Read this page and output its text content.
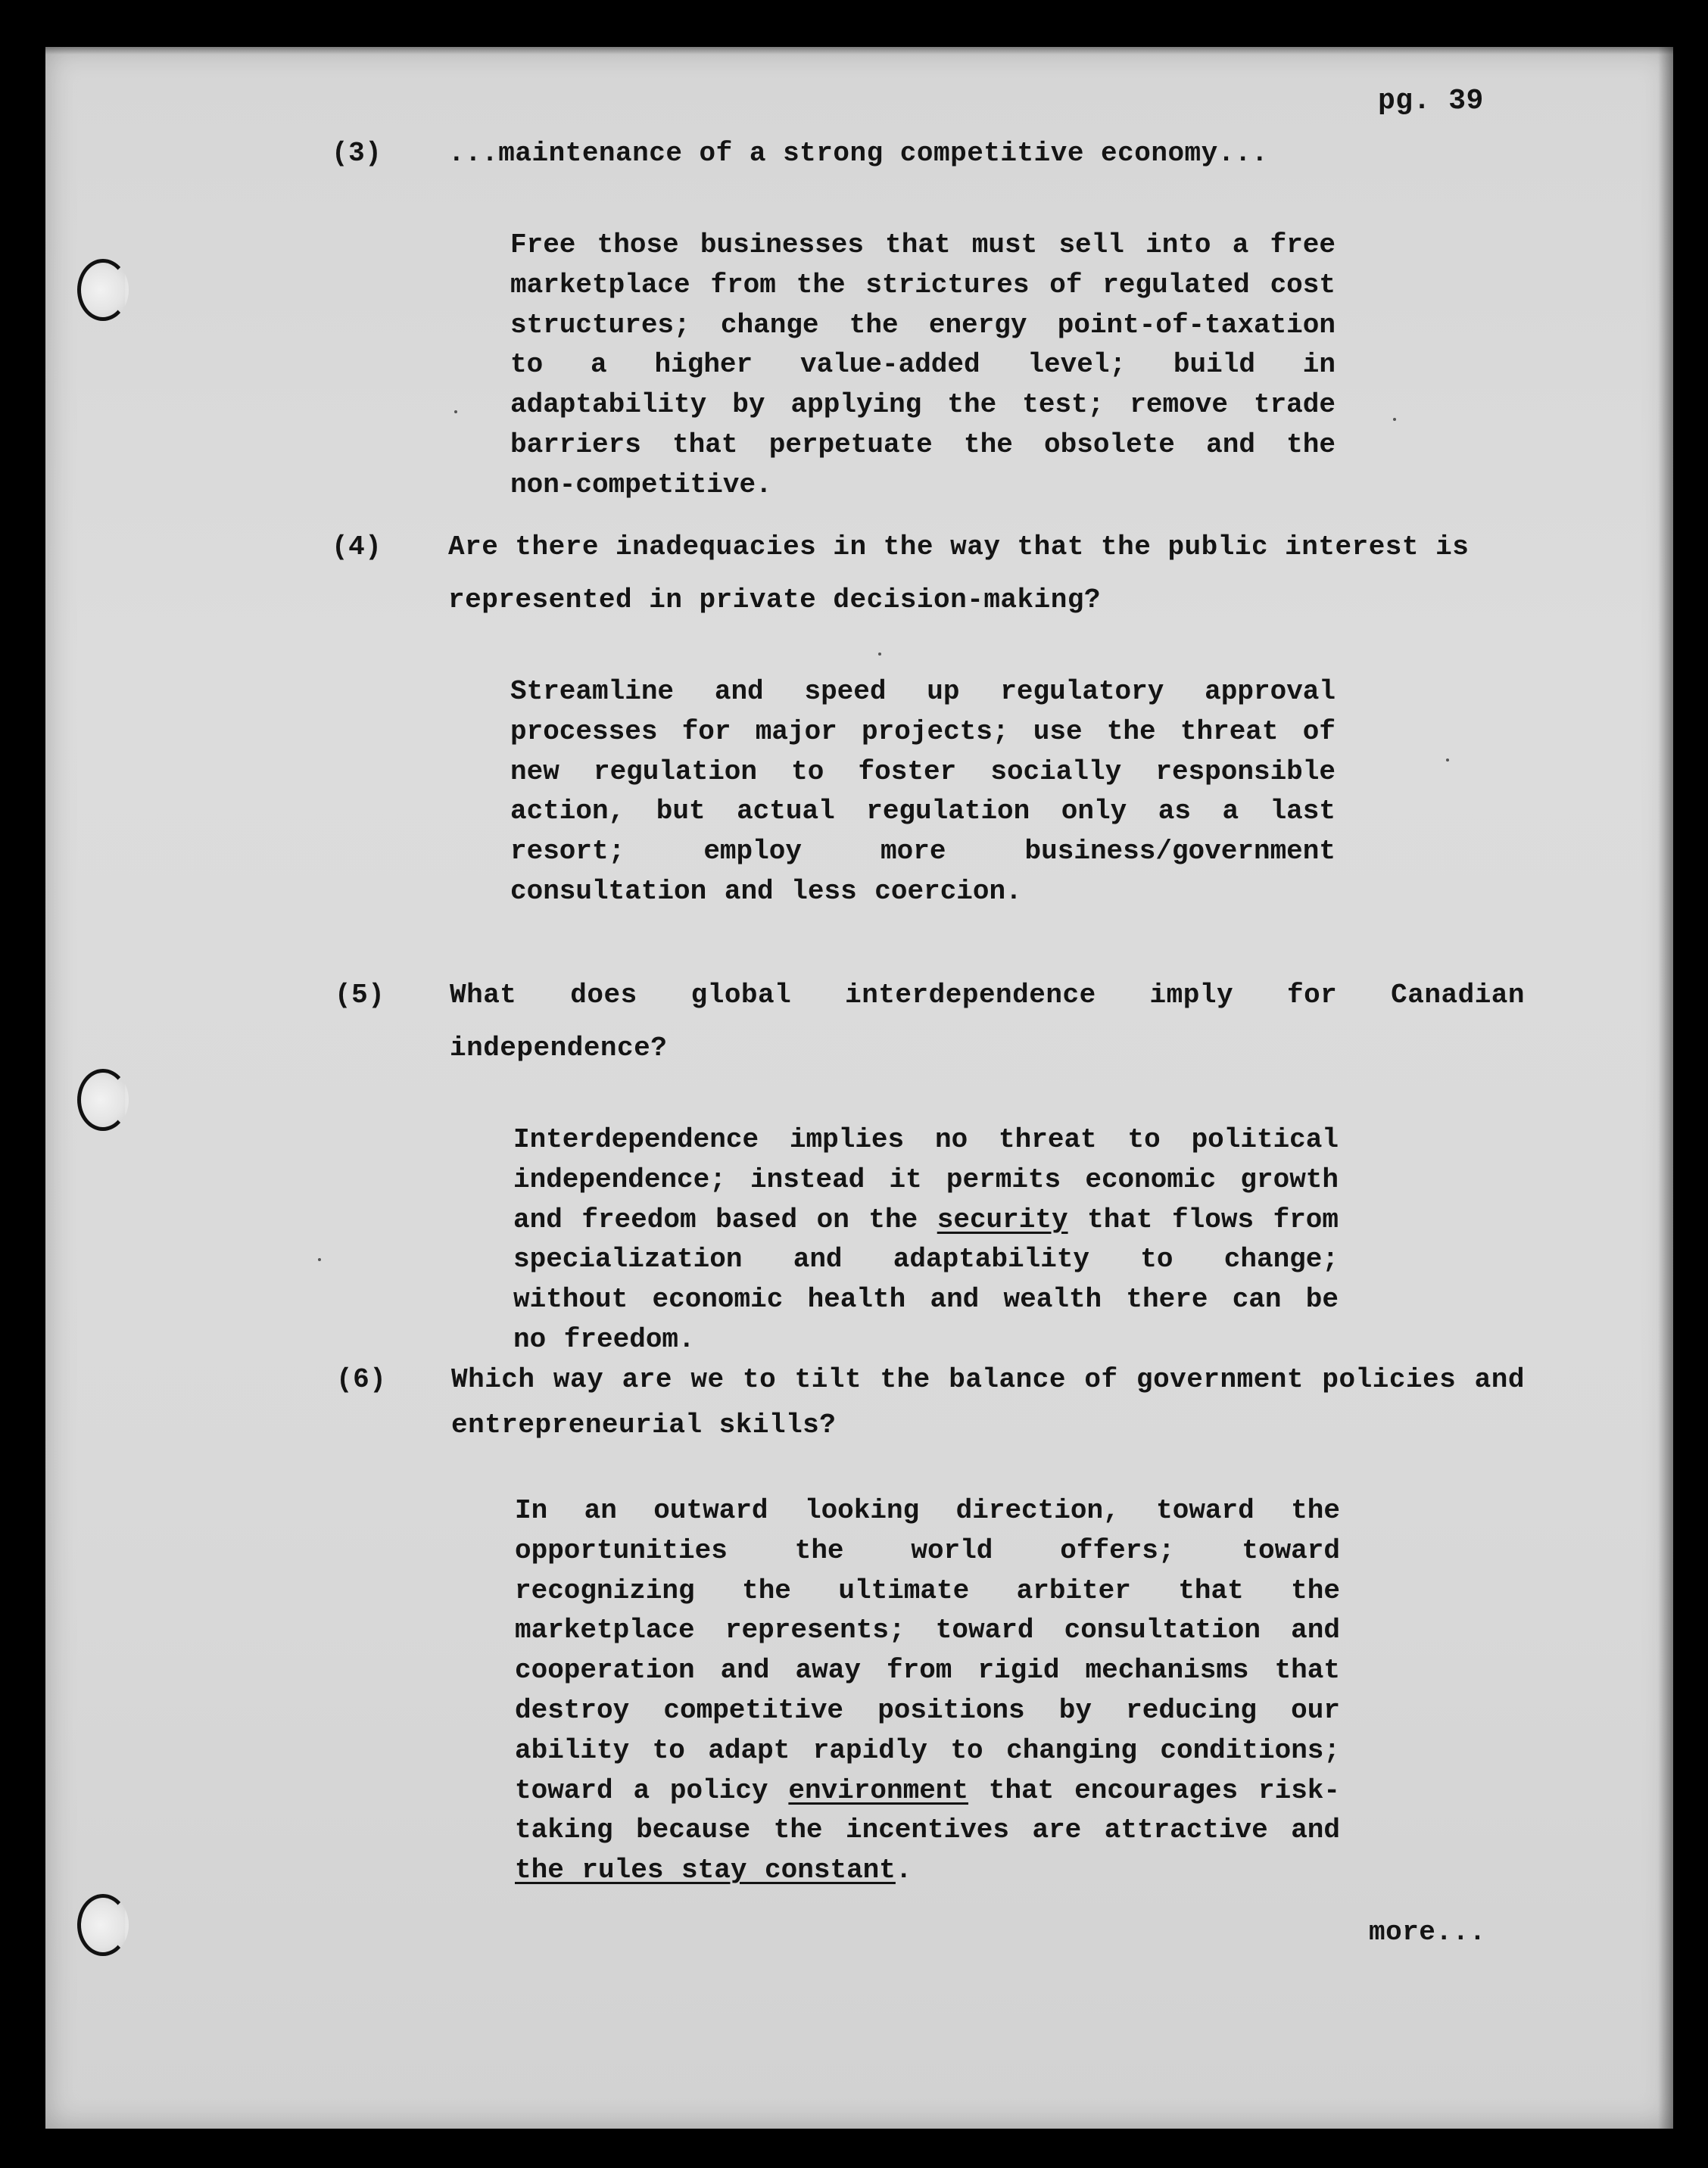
pg. 39
(3) ...maintenance of a strong competitive economy...
Free those businesses that must sell into a free marketplace from the strictures of regulated cost structures; change the energy point-of-taxation to a higher value-added level; build in adaptability by applying the test; remove trade barriers that perpetuate the obsolete and the non-competitive.
(4) Are there inadequacies in the way that the public interest is
represented in private decision-making?
Streamline and speed up regulatory approval processes for major projects; use the threat of new regulation to foster socially responsible action, but actual regulation only as a last resort; employ more business/government consultation and less coercion.
(5) What does global interdependence imply for Canadian
independence?
Interdependence implies no threat to political independence; instead it permits economic growth and freedom based on the security that flows from specialization and adaptability to change; without economic health and wealth there can be no freedom.
(6) Which way are we to tilt the balance of government policies and
entrepreneurial skills?
In an outward looking direction, toward the opportunities the world offers; toward recognizing the ultimate arbiter that the marketplace represents; toward consultation and cooperation and away from rigid mechanisms that destroy competitive positions by reducing our ability to adapt rapidly to changing conditions; toward a policy environment that encourages risk-taking because the incentives are attractive and the rules stay constant.
more...
